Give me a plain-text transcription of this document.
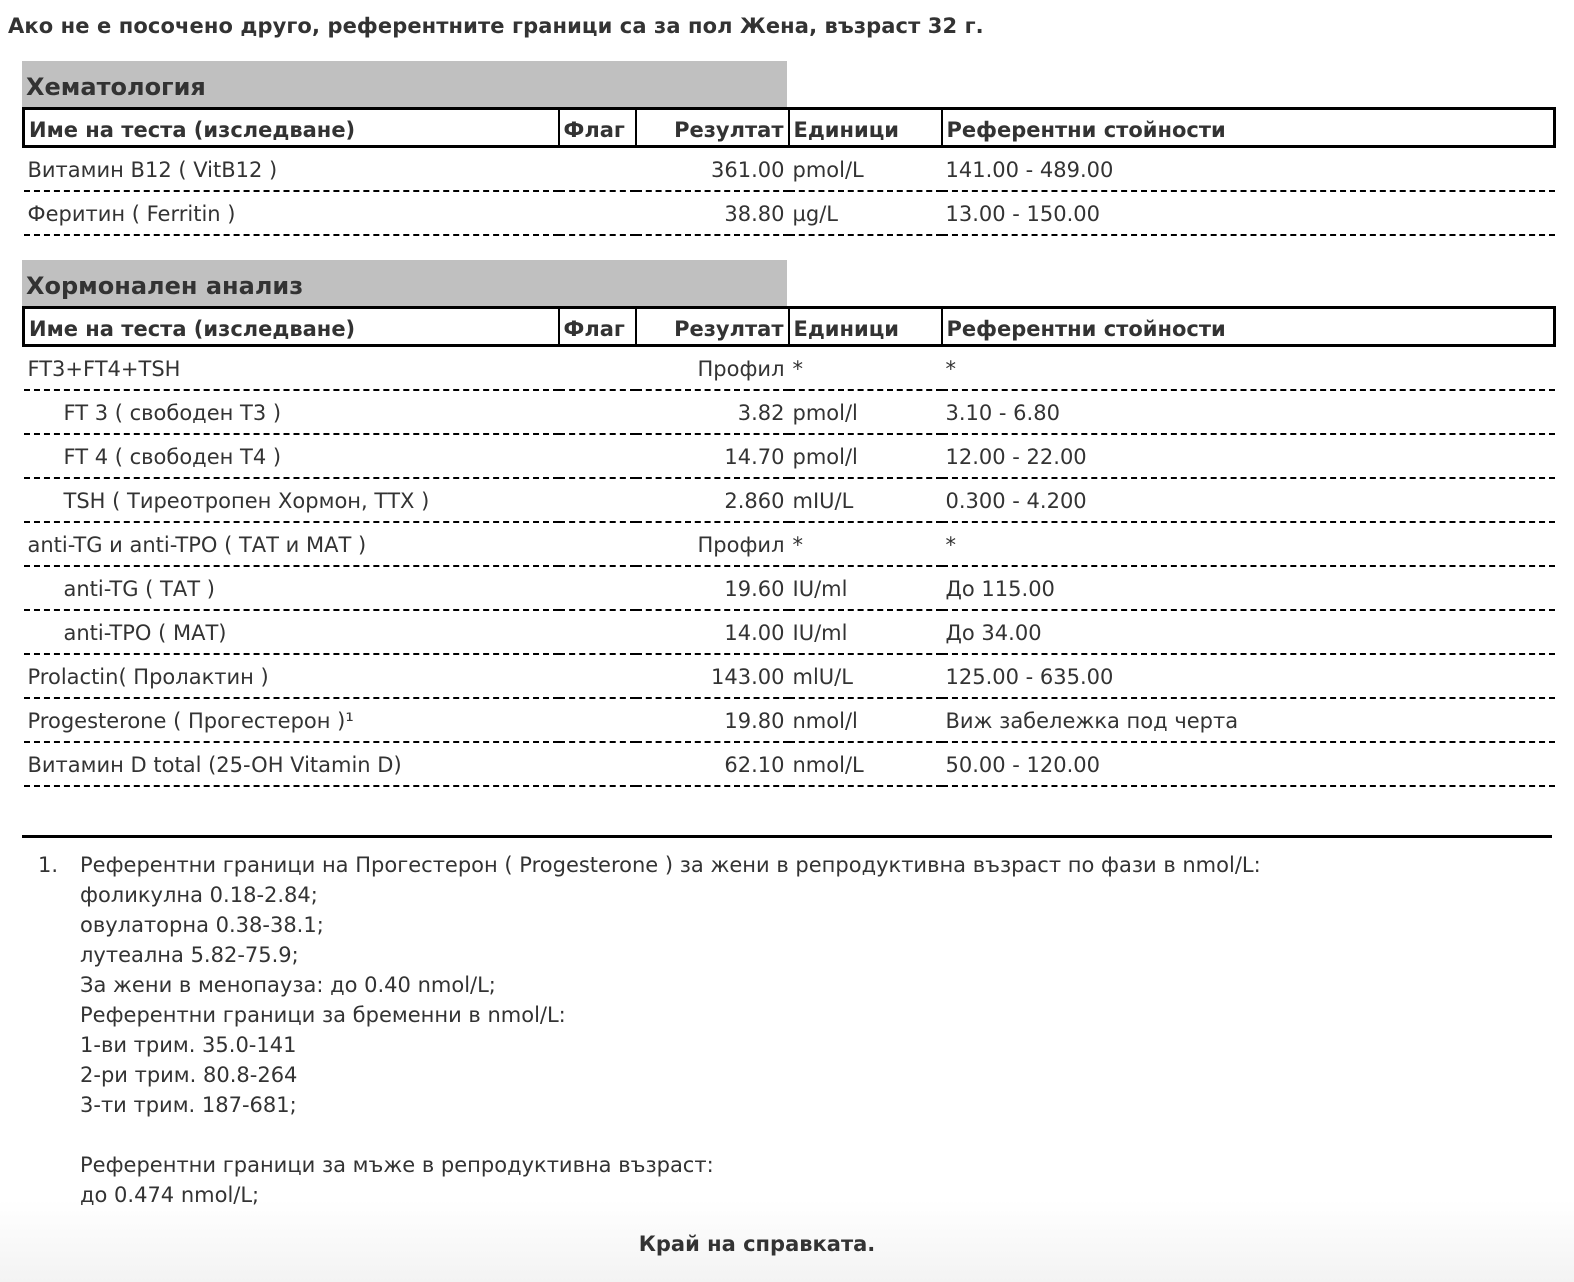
Ако не е посочено друго, референтните граници са за пол Жена, възраст 32 г.
Хематология
Име на теста (изследване)	Флаг	Резултат	Единици	Референтни стойности
Витамин В12 ( VitB12 )		361.00	pmol/L	141.00 - 489.00
Феритин ( Ferritin )		38.80	µg/L	13.00 - 150.00
Хормонален анализ
Име на теста (изследване)	Флаг	Резултат	Единици	Референтни стойности
FT3+FT4+TSH		Профил	*	*
FT 3 ( свободен Т3 )		3.82	pmol/l	3.10 - 6.80
FT 4 ( свободен Т4 )		14.70	pmol/l	12.00 - 22.00
TSH ( Тиреотропен Хормон, ТТХ )		2.860	mIU/L	0.300 - 4.200
anti-TG и anti-TPO ( ТАТ и МАТ )		Профил	*	*
anti-TG ( ТАТ )		19.60	IU/ml	До 115.00
anti-TPO ( МАТ)		14.00	IU/ml	До 34.00
Prolactin( Пролактин )		143.00	mlU/L	125.00 - 635.00
Progesterone ( Прогестерон )¹		19.80	nmol/l	Виж забележка под черта
Витамин D total (25-OH Vitamin D)		62.10	nmol/L	50.00 - 120.00
1.	Референтни граници на Прогестерон ( Progesterone ) за жени в репродуктивна възраст по фази в nmol/L:
фоликулна 0.18-2.84;
овулаторна 0.38-38.1;
лутеална 5.82-75.9;
За жени в менопауза: до 0.40 nmol/L;
Референтни граници за бременни в nmol/L:
1-ви трим. 35.0-141
2-ри трим. 80.8-264
3-ти трим. 187-681;
Референтни граници за мъже в репродуктивна възраст:
до 0.474 nmol/L;
Край на справката.
